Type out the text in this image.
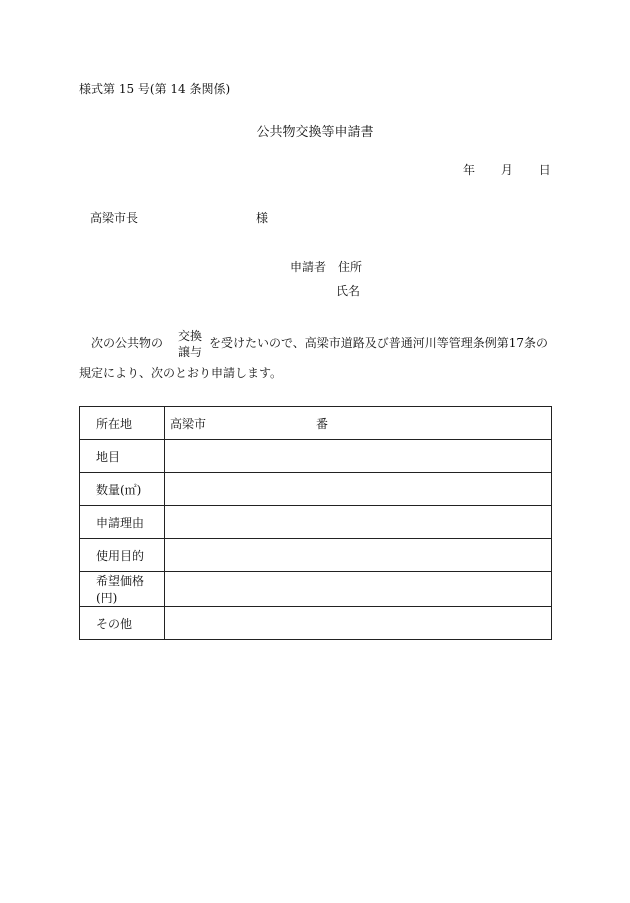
様式第 15 号(第 14 条関係)
公共物交換等申請書
年 月 日
高梁市長	様
申請者 住所
氏名
次の公共物の 交換
譲与
を受けたいので、高梁市道路及び普通河川等管理条例第17条の
規定により、次のとおり申請します。
所在地	高梁市 番
地目	
数量(㎡)	
申請理由	
使用目的	
希望価格(円)	
その他	
